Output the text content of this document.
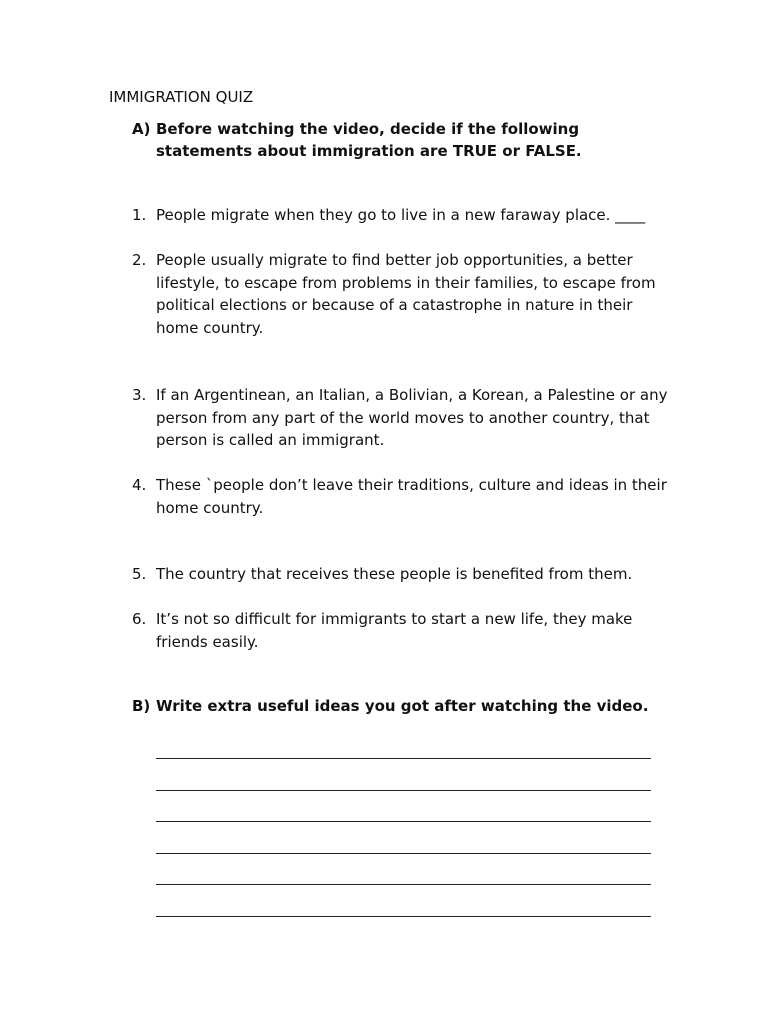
IMMIGRATION QUIZ
A) Before watching the video, decide if the following statements about immigration are TRUE or FALSE.
1. People migrate when they go to live in a new faraway place. ____
2. People usually migrate to find better job opportunities, a better lifestyle, to escape from problems in their families, to escape from political elections or because of a catastrophe in nature in their home country.
3. If an Argentinean, an Italian, a Bolivian, a Korean, a Palestine or any person from any part of the world moves to another country, that person is called an immigrant.
4. These `people don’t leave their traditions, culture and ideas in their home country.
5. The country that receives these people is benefited from them.
6. It’s not so difficult for immigrants to start a new life, they make friends easily.
B) Write extra useful ideas you got after watching the video.
